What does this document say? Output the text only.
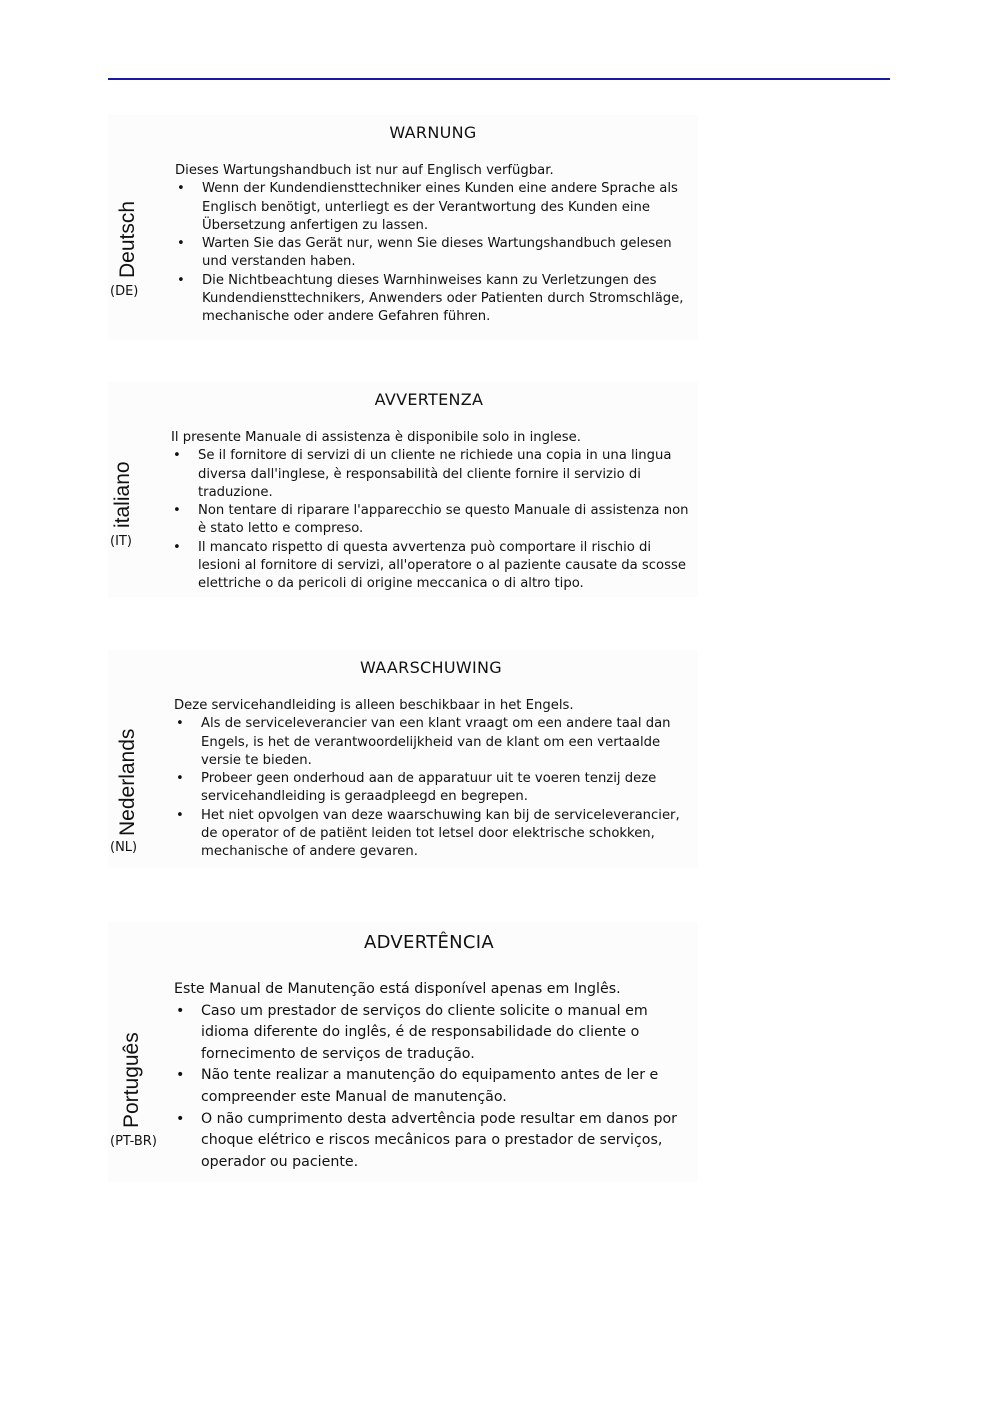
WARNUNG
Deutsch
(DE)

Dieses Wartungshandbuch ist nur auf Englisch verfügbar.

• Wenn der Kundendiensttechniker eines Kunden eine andere Sprache als Englisch benötigt, unterliegt es der Verantwortung des Kunden eine Übersetzung anfertigen zu lassen.
• Warten Sie das Gerät nur, wenn Sie dieses Wartungshandbuch gelesen und verstanden haben.
• Die Nichtbeachtung dieses Warnhinweises kann zu Verletzungen des Kundendiensttechnikers, Anwenders oder Patienten durch Stromschläge, mechanische oder andere Gefahren führen.
AVVERTENZA
italiano
(IT)

Il presente Manuale di assistenza è disponibile solo in inglese.

• Se il fornitore di servizi di un cliente ne richiede una copia in una lingua diversa dall'inglese, è responsabilità del cliente fornire il servizio di traduzione.
• Non tentare di riparare l'apparecchio se questo Manuale di assistenza non è stato letto e compreso.
• Il mancato rispetto di questa avvertenza può comportare il rischio di lesioni al fornitore di servizi, all'operatore o al paziente causate da scosse elettriche o da pericoli di origine meccanica o di altro tipo.
WAARSCHUWING
Nederlands
(NL)

Deze servicehandleiding is alleen beschikbaar in het Engels.

• Als de serviceleverancier van een klant vraagt om een andere taal dan Engels, is het de verantwoordelijkheid van de klant om een vertaalde versie te bieden.
• Probeer geen onderhoud aan de apparatuur uit te voeren tenzij deze servicehandleiding is geraadpleegd en begrepen.
• Het niet opvolgen van deze waarschuwing kan bij de serviceleverancier, de operator of de patiënt leiden tot letsel door elektrische schokken, mechanische of andere gevaren.
ADVERTÊNCIA
Português
(PT-BR)

Este Manual de Manutenção está disponível apenas em Inglês.

• Caso um prestador de serviços do cliente solicite o manual em idioma diferente do inglês, é de responsabilidade do cliente o fornecimento de serviços de tradução.
• Não tente realizar a manutenção do equipamento antes de ler e compreender este Manual de manutenção.
• O não cumprimento desta advertência pode resultar em danos por choque elétrico e riscos mecânicos para o prestador de serviços, operador ou paciente.
